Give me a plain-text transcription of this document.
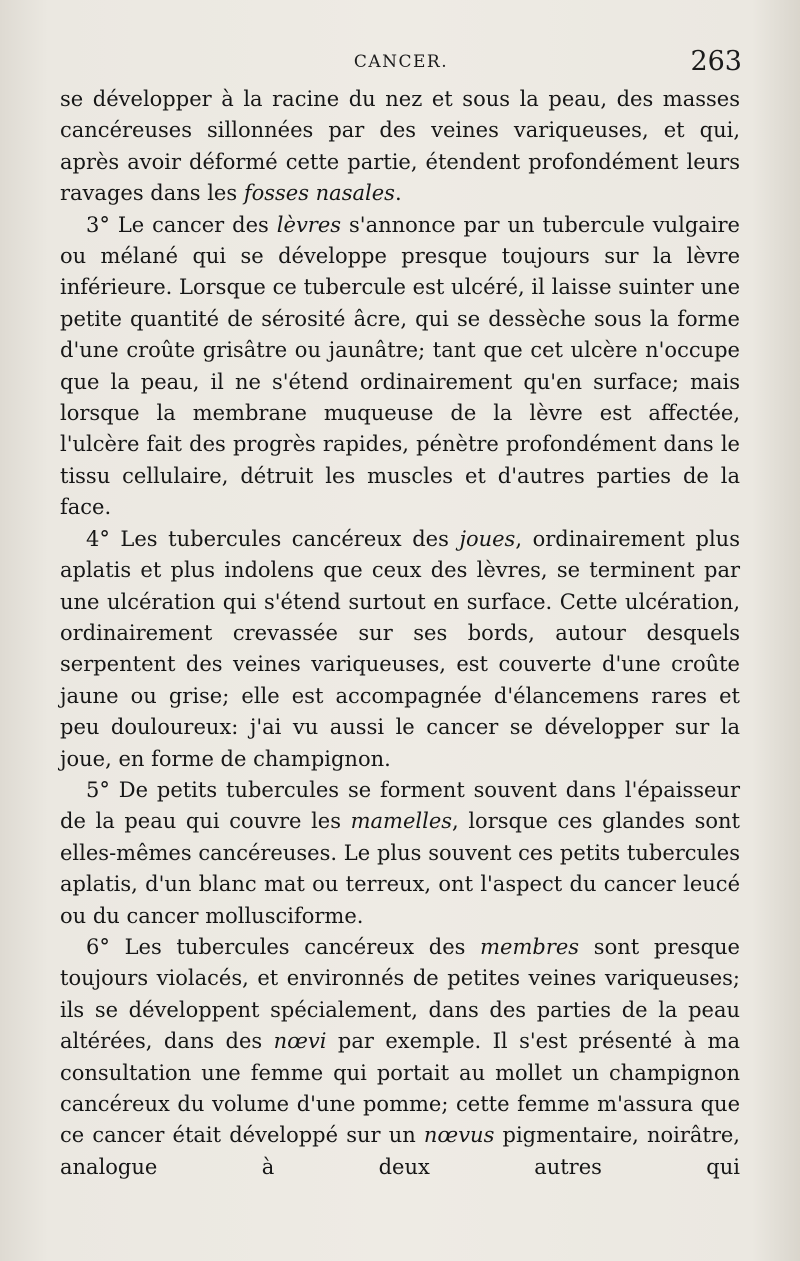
CANCER.	263

se développer à la racine du nez et sous la peau, des masses cancéreuses sillonnées par des veines variqueuses, et qui, après avoir déformé cette partie, étendent profondément leurs ravages dans les fosses nasales.

3° Le cancer des lèvres s'annonce par un tubercule vulgaire ou mélané qui se développe presque toujours sur la lèvre inférieure. Lorsque ce tubercule est ulcéré, il laisse suinter une petite quantité de sérosité âcre, qui se dessèche sous la forme d'une croûte grisâtre ou jaunâtre; tant que cet ulcère n'occupe que la peau, il ne s'étend ordinairement qu'en surface; mais lorsque la membrane muqueuse de la lèvre est affectée, l'ulcère fait des progrès rapides, pénètre profondément dans le tissu cellulaire, détruit les muscles et d'autres parties de la face.

4° Les tubercules cancéreux des joues, ordinairement plus aplatis et plus indolens que ceux des lèvres, se terminent par une ulcération qui s'étend surtout en surface. Cette ulcération, ordinairement crevassée sur ses bords, autour desquels serpentent des veines variqueuses, est couverte d'une croûte jaune ou grise; elle est accompagnée d'élancemens rares et peu douloureux: j'ai vu aussi le cancer se développer sur la joue, en forme de champignon.

5° De petits tubercules se forment souvent dans l'épaisseur de la peau qui couvre les mamelles, lorsque ces glandes sont elles-mêmes cancéreuses. Le plus souvent ces petits tubercules aplatis, d'un blanc mat ou terreux, ont l'aspect du cancer leucé ou du cancer mollusciforme.

6° Les tubercules cancéreux des membres sont presque toujours violacés, et environnés de petites veines variqueuses; ils se développent spécialement, dans des parties de la peau altérées, dans des nœvi par exemple. Il s'est présenté à ma consultation une femme qui portait au mollet un champignon cancéreux du volume d'une pomme; cette femme m'assura que ce cancer était développé sur un nœvus pigmentaire, noirâtre, analogue à deux autres qui
